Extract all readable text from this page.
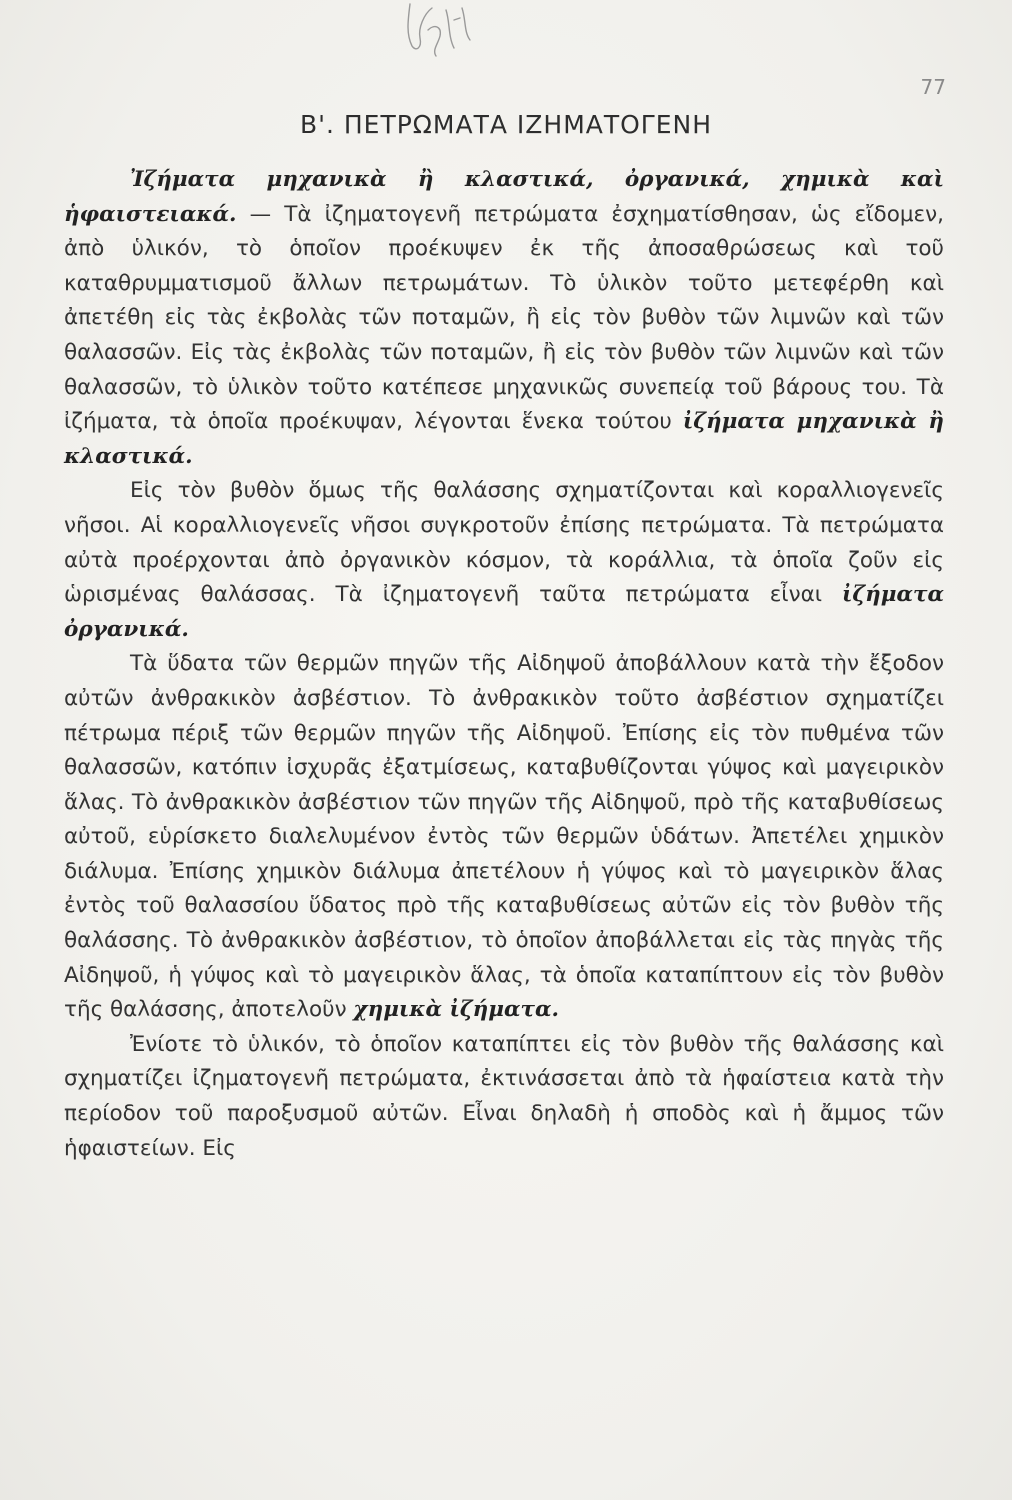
77
Β'. ΠΕΤΡΩΜΑΤΑ ΙΖΗΜΑΤΟΓΕΝΗ

Ἰζήματα μηχανικὰ ἢ κλαστικά, ὀργανικά, χημικὰ καὶ ἡφαιστειακά. — Τὰ ἰζηματογενῆ πετρώματα ἐσχηματίσθησαν, ὡς εἴδομεν, ἀπὸ ὑλικόν, τὸ ὁποῖον προέκυψεν ἐκ τῆς ἀποσαθρώσεως καὶ τοῦ καταθρυμματισμοῦ ἄλλων πετρωμάτων. Τὸ ὑλικὸν τοῦτο μετεφέρθη καὶ ἀπετέθη εἰς τὰς ἐκβολὰς τῶν ποταμῶν, ἢ εἰς τὸν βυθὸν τῶν λιμνῶν καὶ τῶν θαλασσῶν. Εἰς τὰς ἐκβολὰς τῶν ποταμῶν, ἢ εἰς τὸν βυθὸν τῶν λιμνῶν καὶ τῶν θαλασσῶν, τὸ ὑλικὸν τοῦτο κατέπεσε μηχανικῶς συνεπείᾳ τοῦ βάρους του. Τὰ ἰζήματα, τὰ ὁποῖα προέκυψαν, λέγονται ἕνεκα τούτου ἰζήματα μηχανικὰ ἢ κλαστικά.

Εἰς τὸν βυθὸν ὅμως τῆς θαλάσσης σχηματίζονται καὶ κοραλλιογενεῖς νῆσοι. Αἱ κοραλλιογενεῖς νῆσοι συγκροτοῦν ἐπίσης πετρώματα. Τὰ πετρώματα αὐτὰ προέρχονται ἀπὸ ὀργανικὸν κόσμον, τὰ κοράλλια, τὰ ὁποῖα ζοῦν εἰς ὡρισμένας θαλάσσας. Τὰ ἰζηματογενῆ ταῦτα πετρώματα εἶναι ἰζήματα ὀργανικά.

Τὰ ὕδατα τῶν θερμῶν πηγῶν τῆς Αἰδηψοῦ ἀποβάλλουν κατὰ τὴν ἔξοδον αὐτῶν ἀνθρακικὸν ἀσβέστιον. Τὸ ἀνθρακικὸν τοῦτο ἀσβέστιον σχηματίζει πέτρωμα πέριξ τῶν θερμῶν πηγῶν τῆς Αἰδηψοῦ. Ἐπίσης εἰς τὸν πυθμένα τῶν θαλασσῶν, κατόπιν ἰσχυρᾶς ἐξατμίσεως, καταβυθίζονται γύψος καὶ μαγειρικὸν ἅλας. Τὸ ἀνθρακικὸν ἀσβέστιον τῶν πηγῶν τῆς Αἰδηψοῦ, πρὸ τῆς καταβυθίσεως αὐτοῦ, εὑρίσκετο διαλελυμένον ἐντὸς τῶν θερμῶν ὑδάτων. Ἀπετέλει χημικὸν διάλυμα. Ἐπίσης χημικὸν διάλυμα ἀπετέλουν ἡ γύψος καὶ τὸ μαγειρικὸν ἅλας ἐντὸς τοῦ θαλασσίου ὕδατος πρὸ τῆς καταβυθίσεως αὐτῶν εἰς τὸν βυθὸν τῆς θαλάσσης. Τὸ ἀνθρακικὸν ἀσβέστιον, τὸ ὁποῖον ἀποβάλλεται εἰς τὰς πηγὰς τῆς Αἰδηψοῦ, ἡ γύψος καὶ τὸ μαγειρικὸν ἅλας, τὰ ὁποῖα καταπίπτουν εἰς τὸν βυθὸν τῆς θαλάσσης, ἀποτελοῦν χημικὰ ἰζήματα.

Ἐνίοτε τὸ ὑλικόν, τὸ ὁποῖον καταπίπτει εἰς τὸν βυθὸν τῆς θαλάσσης καὶ σχηματίζει ἰζηματογενῆ πετρώματα, ἐκτινάσσεται ἀπὸ τὰ ἡφαίστεια κατὰ τὴν περίοδον τοῦ παροξυσμοῦ αὐτῶν. Εἶναι δηλαδὴ ἡ σποδὸς καὶ ἡ ἄμμος τῶν ἡφαιστείων. Εἰς
